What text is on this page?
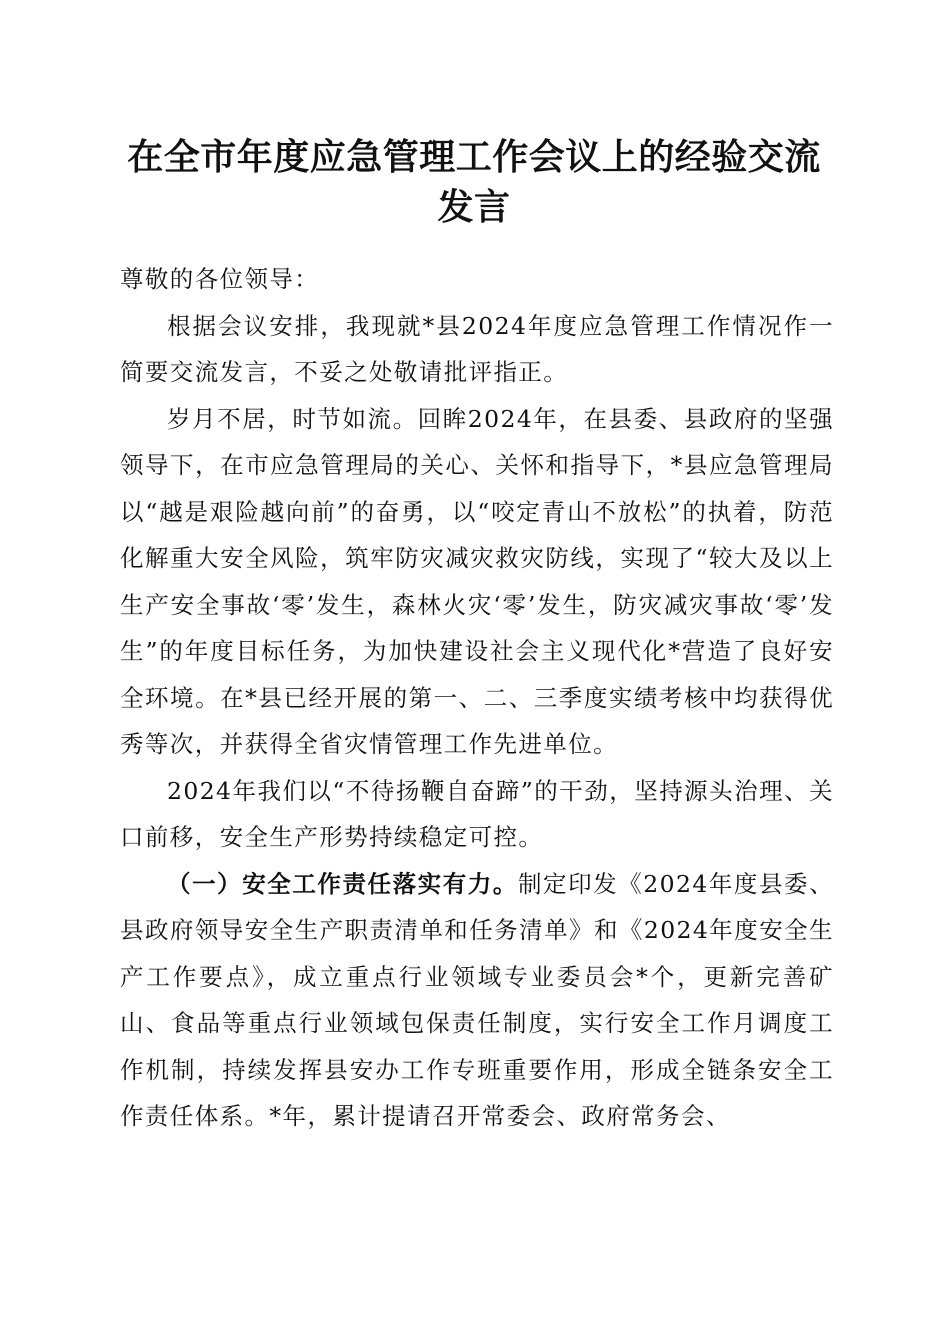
在全市年度应急管理工作会议上的经验交流发言

尊敬的各位领导：

根据会议安排，我现就*县2024年度应急管理工作情况作一简要交流发言，不妥之处敬请批评指正。

岁月不居，时节如流。回眸2024年，在县委、县政府的坚强领导下，在市应急管理局的关心、关怀和指导下，*县应急管理局以“越是艰险越向前”的奋勇，以“咬定青山不放松”的执着，防范化解重大安全风险，筑牢防灾减灾救灾防线，实现了“较大及以上生产安全事故‘零’发生，森林火灾‘零’发生，防灾减灾事故‘零’发生”的年度目标任务，为加快建设社会主义现代化*营造了良好安全环境。在*县已经开展的第一、二、三季度实绩考核中均获得优秀等次，并获得全省灾情管理工作先进单位。

2024年我们以“不待扬鞭自奋蹄”的干劲，坚持源头治理、关口前移，安全生产形势持续稳定可控。

（一）安全工作责任落实有力。制定印发《2024年度县委、县政府领导安全生产职责清单和任务清单》和《2024年度安全生产工作要点》，成立重点行业领域专业委员会*个，更新完善矿山、食品等重点行业领域包保责任制度，实行安全工作月调度工作机制，持续发挥县安办工作专班重要作用，形成全链条安全工作责任体系。*年，累计提请召开常委会、政府常务会、
